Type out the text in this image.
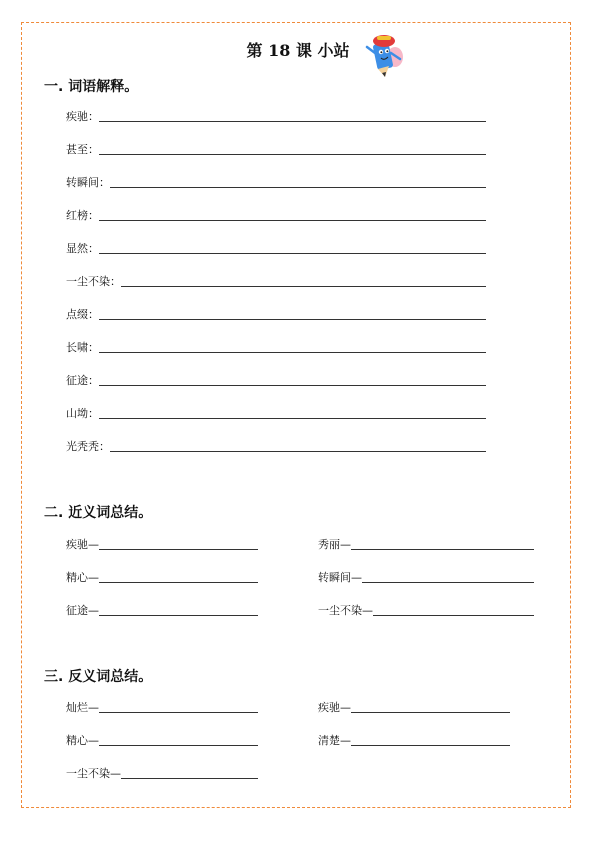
第 18 课 小站
一. 词语解释。
疾驰：
甚至：
转瞬间：
红榜：
显然：
一尘不染：
点缀：
长啸：
征途：
山坳：
光秃秃：
二. 近义词总结。
疾驰—	秀丽—
精心—	转瞬间—
征途—	一尘不染—
三. 反义词总结。
灿烂—	疾驰—
精心—	清楚—
一尘不染—
